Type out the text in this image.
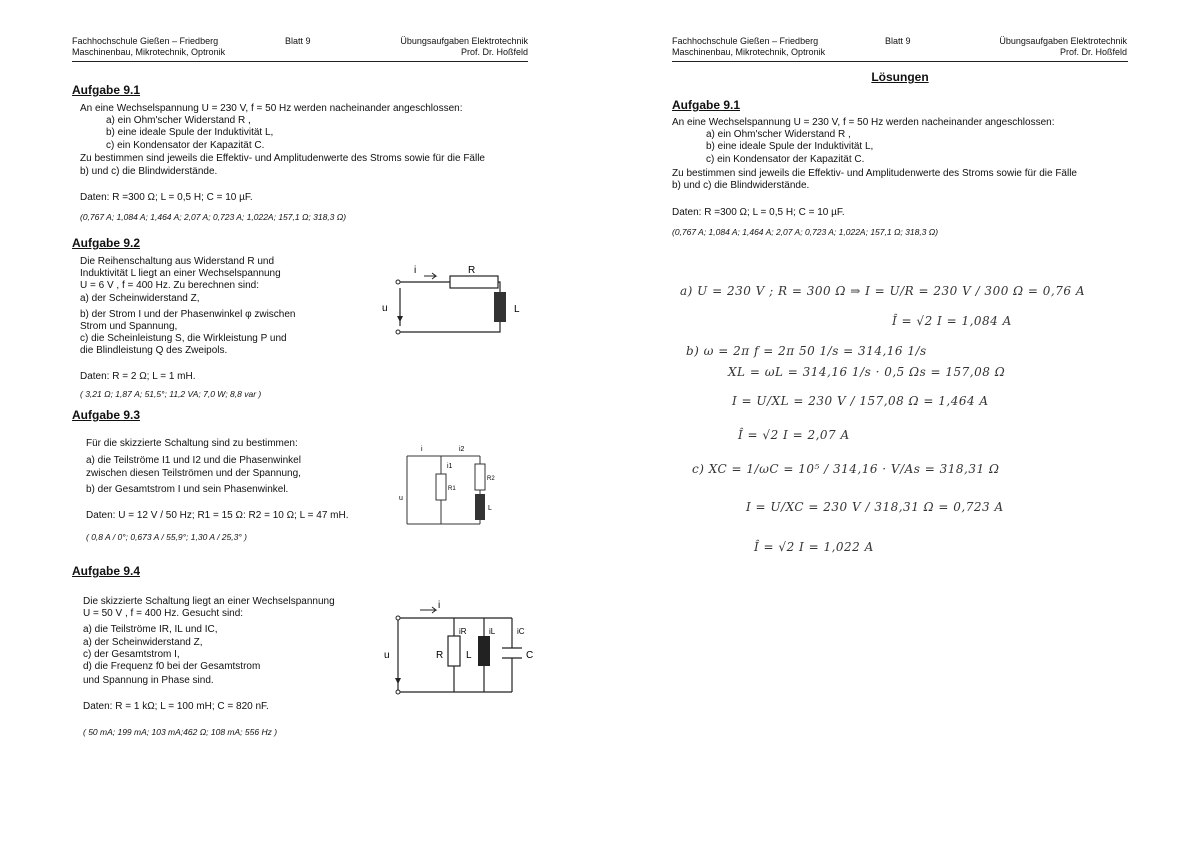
Fachhochschule Gießen – Friedberg
Maschinenbau, Mikrotechnik, Optronik
Blatt 9	Übungsaufgaben Elektrotechnik
Prof. Dr. Hoßfeld
Aufgabe 9.1
An eine Wechselspannung U = 230 V, f = 50 Hz werden nacheinander angeschlossen:
a) ein Ohm'scher Widerstand R ,
b) eine ideale Spule der Induktivität L,
c) ein Kondensator der Kapazität C.
Zu bestimmen sind jeweils die Effektiv- und Amplitudenwerte des Stroms sowie für die Fälle
b) und c) die Blindwiderstände.
Daten: R =300 Ω; L = 0,5 H; C = 10 µF.
(0,767 A; 1,084 A; 1,464 A; 2,07 A; 0,723 A; 1,022A; 157,1 Ω; 318,3 Ω)
Aufgabe 9.2
Die Reihenschaltung aus Widerstand R und
Induktivität L liegt an einer Wechselspannung
U = 6 V , f = 400 Hz. Zu berechnen sind:
a) der Scheinwiderstand Z,
b) der Strom I und der Phasenwinkel φ zwischen
Strom und Spannung,
c) die Scheinleistung S, die Wirkleistung P und
die Blindleistung Q des Zweipols.
Daten: R = 2 Ω; L = 1 mH.
( 3,21 Ω; 1,87 A; 51,5°; 11,2 VA; 7,0 W; 8,8 var )
i	R
u	L
Aufgabe 9.3
Für die skizzierte Schaltung sind zu bestimmen:
a) die Teilströme I1 und I2 und die Phasenwinkel
zwischen diesen Teilströmen und der Spannung,
b) der Gesamtstrom I und sein Phasenwinkel.
Daten: U = 12 V / 50 Hz; R1 = 15 Ω: R2 = 10 Ω; L = 47 mH.
( 0,8 A / 0°; 0,673 A / 55,9°; 1,30 A / 25,3° )
i	i2
i1
R1
R2
u
L
Aufgabe 9.4
Die skizzierte Schaltung liegt an einer Wechselspannung
U = 50 V , f = 400 Hz. Gesucht sind:
a) die Teilströme IR, IL und IC,
a) der Scheinwiderstand Z,
c) der Gesamtstrom I,
d) die Frequenz f0 bei der Gesamtstrom
und Spannung in Phase sind.
Daten: R = 1 kΩ; L = 100 mH; C = 820 nF.
( 50 mA; 199 mA; 103 mA;462 Ω; 108 mA; 556 Hz )
i
iR	iL	iC
u	R L	C
Fachhochschule Gießen – Friedberg
Maschinenbau, Mikrotechnik, Optronik
Blatt 9	Übungsaufgaben Elektrotechnik
Prof. Dr. Hoßfeld
Lösungen
Aufgabe 9.1
An eine Wechselspannung U = 230 V, f = 50 Hz werden nacheinander angeschlossen:
a) ein Ohm'scher Widerstand R ,
b) eine ideale Spule der Induktivität L,
c) ein Kondensator der Kapazität C.
Zu bestimmen sind jeweils die Effektiv- und Amplitudenwerte des Stroms sowie für die Fälle
b) und c) die Blindwiderstände.
Daten: R =300 Ω; L = 0,5 H; C = 10 µF.
(0,767 A; 1,084 A; 1,464 A; 2,07 A; 0,723 A; 1,022A; 157,1 Ω; 318,3 Ω)
a) U = 230 V ; R = 300 Ω ⇒ I = U/R = 230 V / 300 Ω = 0,76 A
Î = √2 I = 1,084 A
b) ω = 2π f = 2π 50 1/s = 314,16 1/s
XL = ωL = 314,16 1/s · 0,5 Ωs = 157,08 Ω
I = U/XL = 230 V / 157,08 Ω = 1,464 A
Î = √2 I = 2,07 A
c) XC = 1/ωC = 10⁵ / 314,16 · V/As = 318,31 Ω
I = U/XC = 230 V / 318,31 Ω = 0,723 A
Î = √2 I = 1,022 A
